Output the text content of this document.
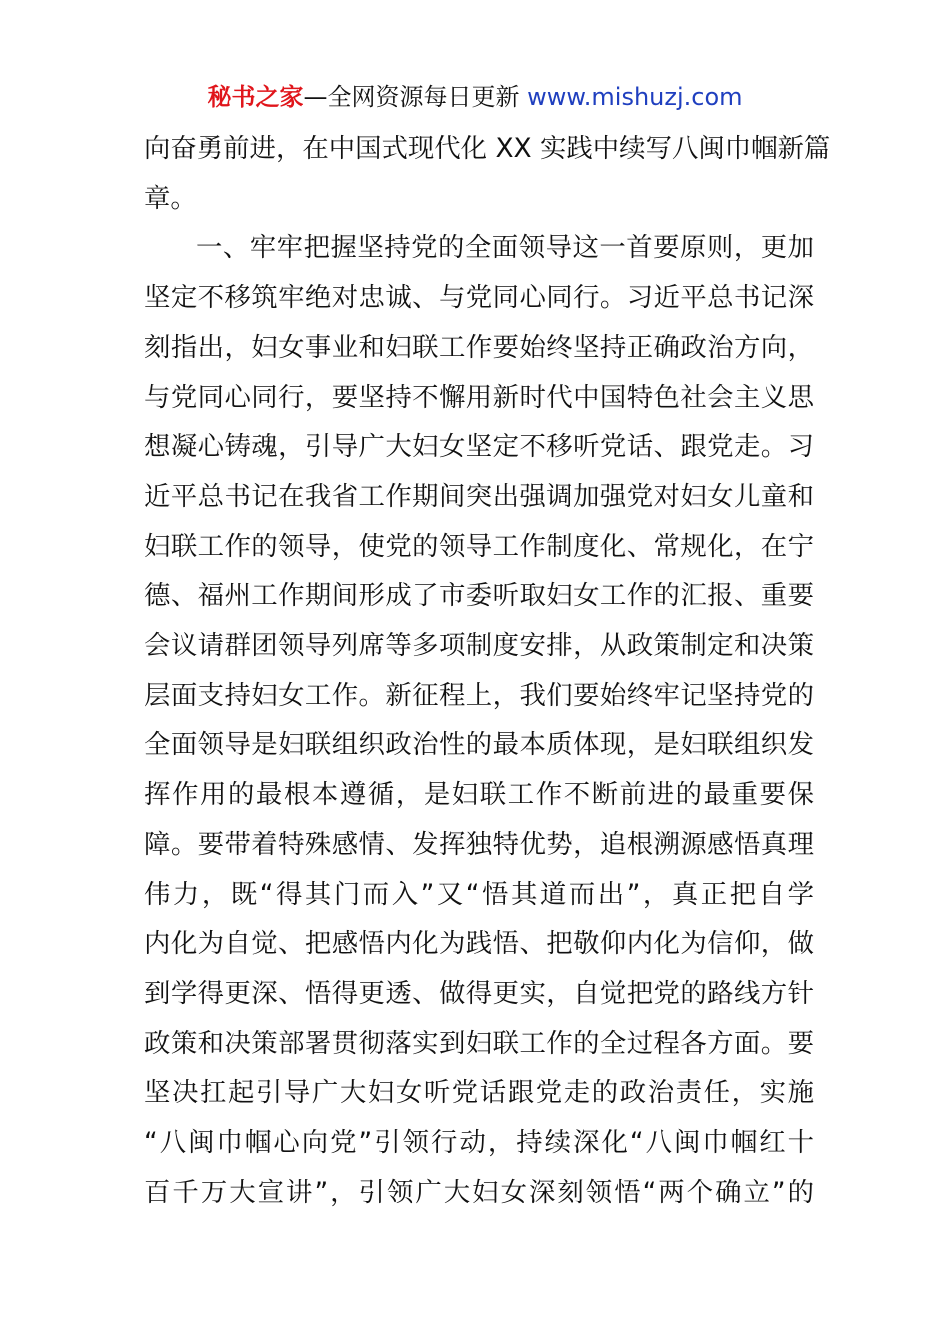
秘书之家—全网资源每日更新 www.mishuzj.com
向奋勇前进，在中国式现代化 XX 实践中续写八闽巾帼新篇
章。
一、牢牢把握坚持党的全面领导这一首要原则，更加
坚定不移筑牢绝对忠诚、与党同心同行。习近平总书记深
刻指出，妇女事业和妇联工作要始终坚持正确政治方向，
与党同心同行，要坚持不懈用新时代中国特色社会主义思
想凝心铸魂，引导广大妇女坚定不移听党话、跟党走。习
近平总书记在我省工作期间突出强调加强党对妇女儿童和
妇联工作的领导，使党的领导工作制度化、常规化，在宁
德、福州工作期间形成了市委听取妇女工作的汇报、重要
会议请群团领导列席等多项制度安排，从政策制定和决策
层面支持妇女工作。新征程上，我们要始终牢记坚持党的
全面领导是妇联组织政治性的最本质体现，是妇联组织发
挥作用的最根本遵循，是妇联工作不断前进的最重要保
障。要带着特殊感情、发挥独特优势，追根溯源感悟真理
伟力，既“得其门而入”又“悟其道而出”，真正把自学
内化为自觉、把感悟内化为践悟、把敬仰内化为信仰，做
到学得更深、悟得更透、做得更实，自觉把党的路线方针
政策和决策部署贯彻落实到妇联工作的全过程各方面。要
坚决扛起引导广大妇女听党话跟党走的政治责任，实施
“八闽巾帼心向党”引领行动，持续深化“八闽巾帼红十
百千万大宣讲”，引领广大妇女深刻领悟“两个确立”的
